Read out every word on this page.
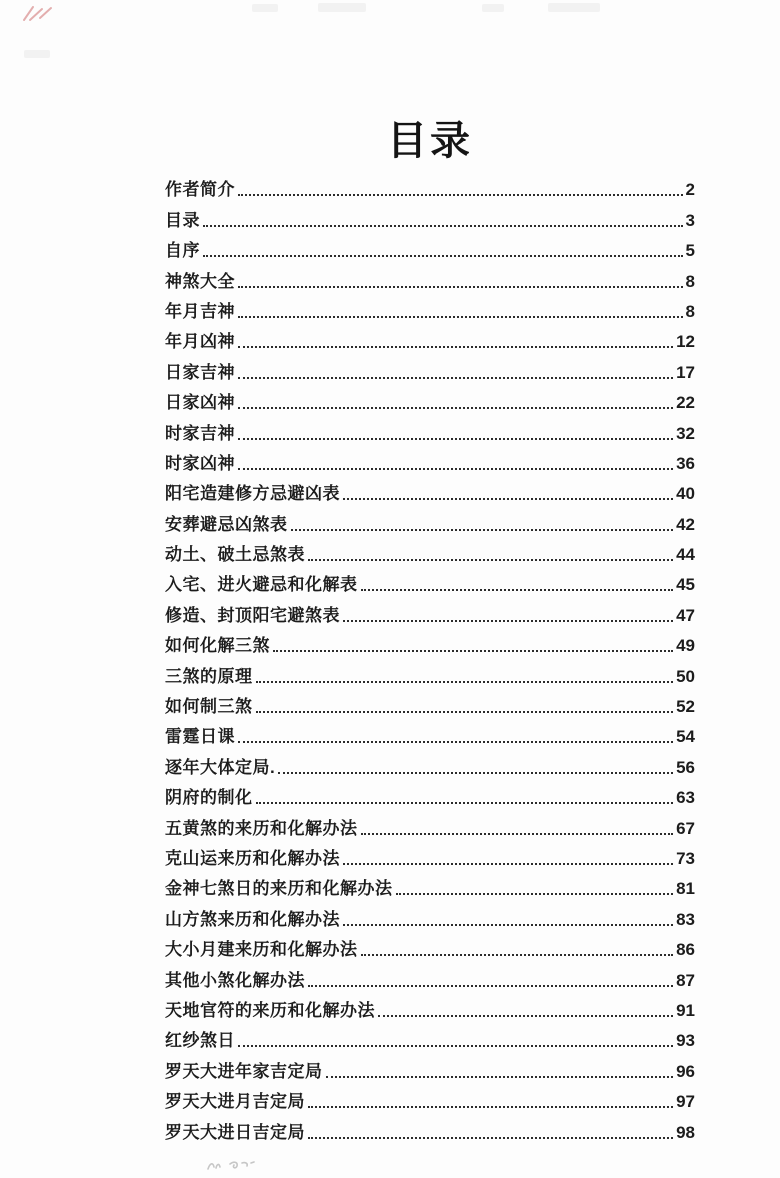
目录
作者简介	2
目录	3
自序	5
神煞大全	8
年月吉神	8
年月凶神	12
日家吉神	17
日家凶神	22
时家吉神	32
时家凶神	36
阳宅造建修方忌避凶表	40
安葬避忌凶煞表	42
动土、破土忌煞表	44
入宅、进火避忌和化解表	45
修造、封顶阳宅避煞表	47
如何化解三煞	49
三煞的原理	50
如何制三煞	52
雷霆日课	54
逐年大体定局.	56
阴府的制化	63
五黄煞的来历和化解办法	67
克山运来历和化解办法	73
金神七煞日的来历和化解办法	81
山方煞来历和化解办法	83
大小月建来历和化解办法	86
其他小煞化解办法	87
天地官符的来历和化解办法	91
红纱煞日	93
罗天大进年家吉定局	96
罗天大进月吉定局	97
罗天大进日吉定局	98
